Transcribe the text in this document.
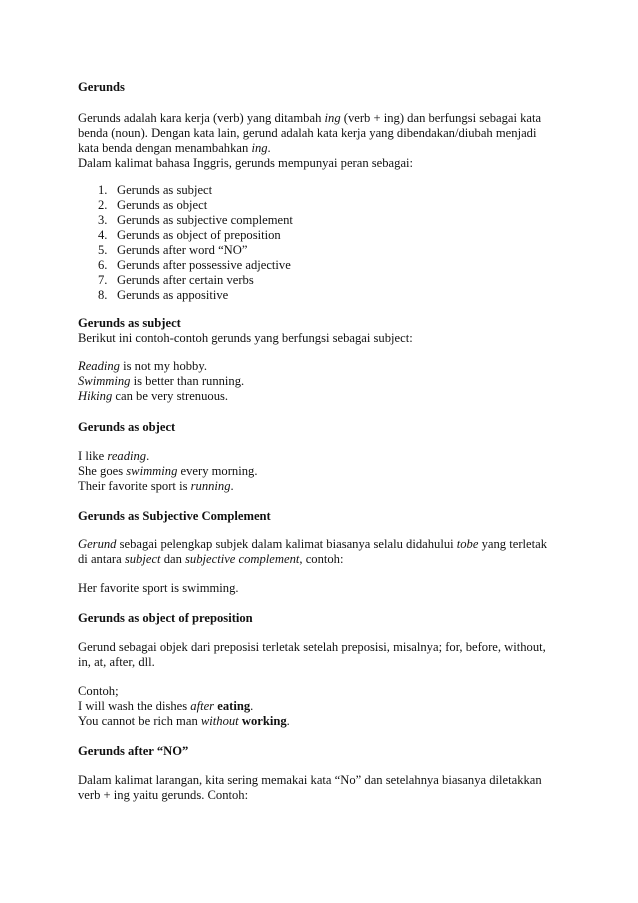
Gerunds

Gerunds adalah kara kerja (verb) yang ditambah ing (verb + ing) dan berfungsi sebagai kata

benda (noun). Dengan kata lain, gerund adalah kata kerja yang dibendakan/diubah menjadi

kata benda dengan menambahkan ing.

Dalam kalimat bahasa Inggris, gerunds mempunyai peran sebagai:

1. Gerunds as subject
2. Gerunds as object
3. Gerunds as subjective complement
4. Gerunds as object of preposition
5. Gerunds after word “NO”
6. Gerunds after possessive adjective
7. Gerunds after certain verbs
8. Gerunds as appositive

Gerunds as subject

Berikut ini contoh-contoh gerunds yang berfungsi sebagai subject:

Reading is not my hobby.

Swimming is better than running.

Hiking can be very strenuous.

Gerunds as object

I like reading.

She goes swimming every morning.

Their favorite sport is running.

Gerunds as Subjective Complement

Gerund sebagai pelengkap subjek dalam kalimat biasanya selalu didahului tobe yang terletak

di antara subject dan subjective complement, contoh:

Her favorite sport is swimming.

Gerunds as object of preposition

Gerund sebagai objek dari preposisi terletak setelah preposisi, misalnya; for, before, without,

in, at, after, dll.

Contoh;

I will wash the dishes after eating.

You cannot be rich man without working.

Gerunds after “NO”

Dalam kalimat larangan, kita sering memakai kata “No” dan setelahnya biasanya diletakkan

verb + ing yaitu gerunds. Contoh:
